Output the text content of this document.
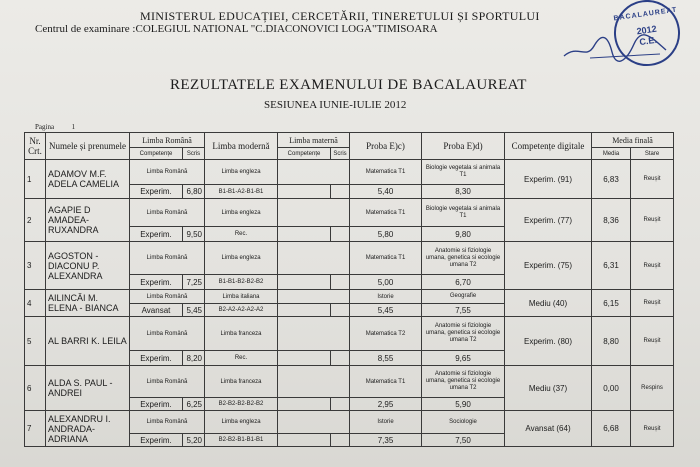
MINISTERUL EDUCAȚIEI, CERCETĂRII, TINERETULUI ȘI SPORTULUI
Centrul de examinare :COLEGIUL NATIONAL "C.DIACONOVICI LOGA"TIMISOARA
REZULTATELE EXAMENULUI DE BACALAUREAT
SESIUNEA IUNIE-IULIE 2012
Pagina	1
BACALAUREAT
2012
C.E.
Nr. Crt.	Numele și prenumele	Limba Română		Limba modernă	Limba maternă		Proba E)c)	Proba E)d)	Competențe digitale	Media finală	
		Competențe	Scris		Competențe	Scris				Media	Stare
1	ADAMOV M.F. ADELA CAMELIA	Limba Română		Limba engleza			Matematica T1	Biologie vegetala si animala T1	Experim. (91)	6,83	Reușit
		Experim.	6,80	B1-B1-A2-B1-B1			5,40	8,30			
2	AGAPIE D AMADEA-RUXANDRA	Limba Română		Limba engleza			Matematica T1	Biologie vegetala si animala T1	Experim. (77)	8,36	Reușit
		Experim.	9,50	Rec.			5,80	9,80			
3	AGOSTON - DIACONU P. ALEXANDRA	Limba Română		Limba engleza			Matematica T1	Anatomie si fiziologie umana, genetica si ecologie umana T2	Experim. (75)	6,31	Reușit
		Experim.	7,25	B1-B1-B2-B2-B2			5,00	6,70			
4	AILINCĂI M. ELENA - BIANCA	Limba Română		Limba italiana			Istorie	Geografie	Mediu (40)	6,15	Reușit
		Avansat	5,45	B2-A2-A2-A2-A2			5,45	7,55			
5	AL BARRI K. LEILA	Limba Română		Limba franceza			Matematica T2	Anatomie si fiziologie umana, genetica si ecologie umana T2	Experim. (80)	8,80	Reușit
		Experim.	8,20	Rec.			8,55	9,65			
6	ALDA S. PAUL - ANDREI	Limba Română		Limba franceza			Matematica T1	Anatomie si fiziologie umana, genetica si ecologie umana T2	Mediu (37)	0,00	Respins
		Experim.	6,25	B2-B2-B2-B2-B2			2,95	5,90			
7	ALEXANDRU I. ANDRADA-ADRIANA	Limba Română		Limba engleza			Istorie	Sociologie	Avansat (64)	6,68	Reușit
		Experim.	5,20	B2-B2-B1-B1-B1			7,35	7,50			
